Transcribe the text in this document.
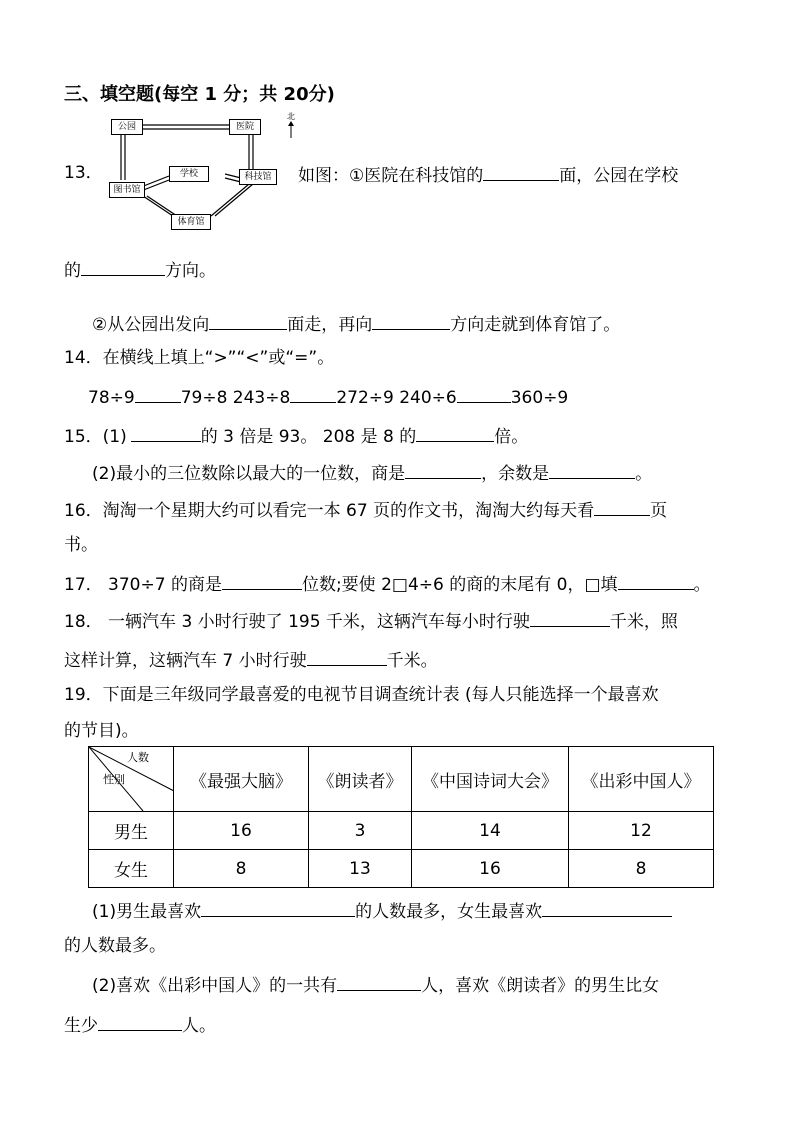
三、填空题(每空 1 分；共 20分)
公园	医院
学校
图书馆
科技馆
体育馆
北
13．	如图：①医院在科技馆的	面，公园在学校
的	方向。
②从公园出发向	面走，再向	方向走就到体育馆了。
14．在横线上填上“>”“<”或“=”。
78÷9	79÷8 243÷8	272÷9 240÷6	360÷9
15．(1)	的 3 倍是 93。 208 是 8 的	倍。
(2)最小的三位数除以最大的一位数，商是	，余数是	。
16．淘淘一个星期大约可以看完一本 67 页的作文书，淘淘大约每天看	页
书。
17． 370÷7 的商是	位数;要使 2□4÷6 的商的末尾有 0，□填	。
18． 一辆汽车 3 小时行驶了 195 千米，这辆汽车每小时行驶	千米，照
这样计算，这辆汽车 7 小时行驶	千米。
19．下面是三年级同学最喜爱的电视节目调查统计表 (每人只能选择一个最喜欢
的节目)。
人数
性别	《最强大脑》	《朗读者》	《中国诗词大会》	《出彩中国人》
男生	16	3	14	12
女生	8	13	16	8
(1)男生最喜欢	的人数最多，女生最喜欢
的人数最多。
(2)喜欢《出彩中国人》的一共有	人，喜欢《朗读者》的男生比女
生少	人。
